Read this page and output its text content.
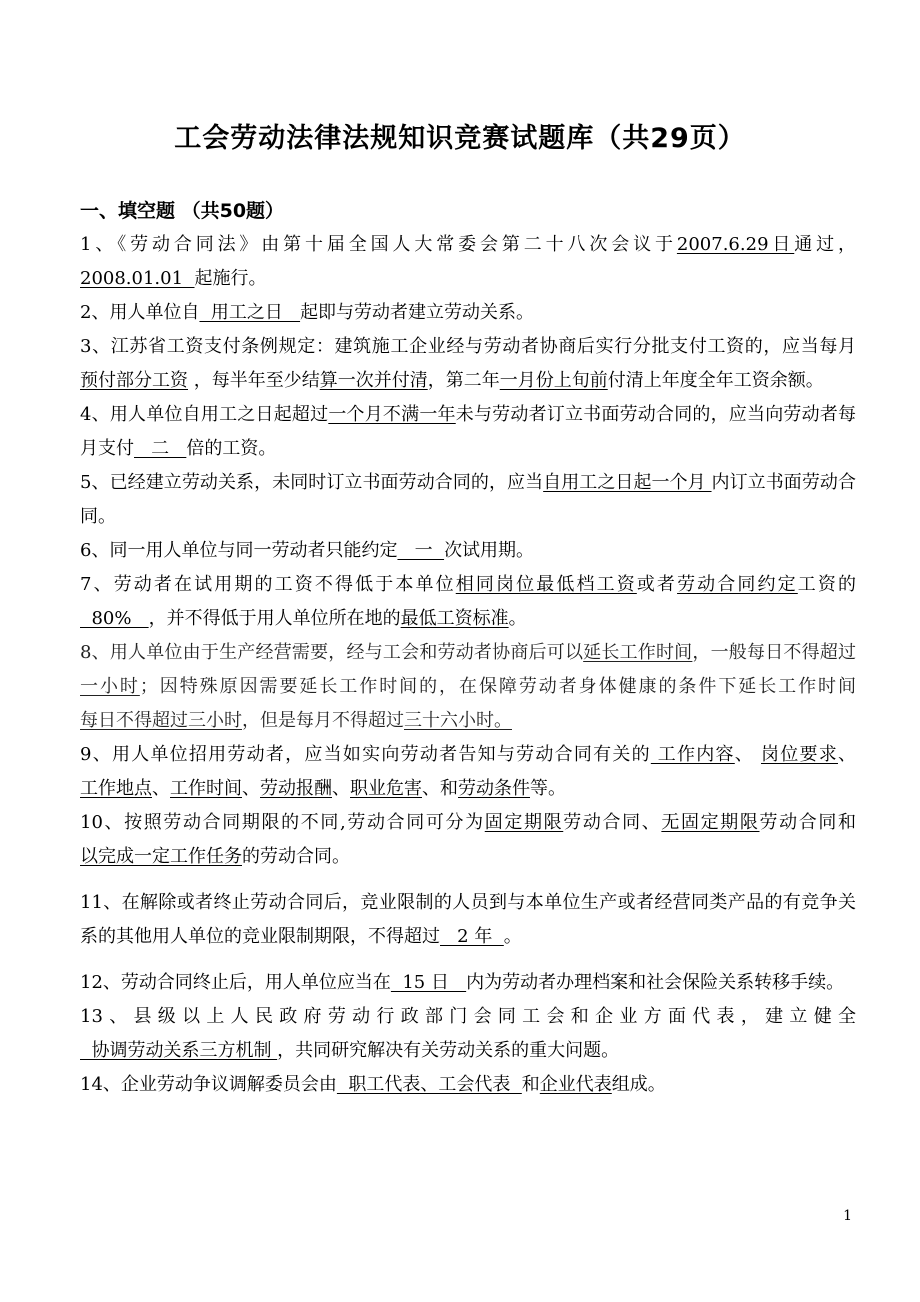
工会劳动法律法规知识竞赛试题库（共29页）
一、填空题 （共50题）

1、《劳动合同法》由第十届全国人大常委会第二十八次会议于2007.6.29日通过，2008.01.01  起施行。

2、用人单位自  用工之日   起即与劳动者建立劳动关系。

3、江苏省工资支付条例规定：建筑施工企业经与劳动者协商后实行分批支付工资的，应当每月预付部分工资 ，每半年至少结算一次并付清，第二年一月份上旬前付清上年度全年工资余额。

4、用人单位自用工之日起超过一个月不满一年未与劳动者订立书面劳动合同的，应当向劳动者每月支付   二   倍的工资。

5、已经建立劳动关系，未同时订立书面劳动合同的，应当自用工之日起一个月 内订立书面劳动合同。

6、同一用人单位与同一劳动者只能约定   一  次试用期。

7、劳动者在试用期的工资不得低于本单位相同岗位最低档工资或者劳动合同约定工资的  80%   ，并不得低于用人单位所在地的最低工资标准。

8、用人单位由于生产经营需要，经与工会和劳动者协商后可以延长工作时间，一般每日不得超过一小时；因特殊原因需要延长工作时间的，在保障劳动者身体健康的条件下延长工作时间每日不得超过三小时，但是每月不得超过三十六小时。

9、用人单位招用劳动者，应当如实向劳动者告知与劳动合同有关的 工作内容、 岗位要求、工作地点、工作时间、劳动报酬、职业危害、和劳动条件等。

10、按照劳动合同期限的不同,劳动合同可分为固定期限劳动合同、无固定期限劳动合同和以完成一定工作任务的劳动合同。

11、在解除或者终止劳动合同后，竞业限制的人员到与本单位生产或者经营同类产品的有竞争关系的其他用人单位的竞业限制期限，不得超过   2 年  。

12、劳动合同终止后，用人单位应当在  15 日   内为劳动者办理档案和社会保险关系转移手续。

13、县级以上人民政府劳动行政部门会同工会和企业方面代表，建立健全  协调劳动关系三方机制 ，共同研究解决有关劳动关系的重大问题。

14、企业劳动争议调解委员会由  职工代表、工会代表  和企业代表组成。

1
